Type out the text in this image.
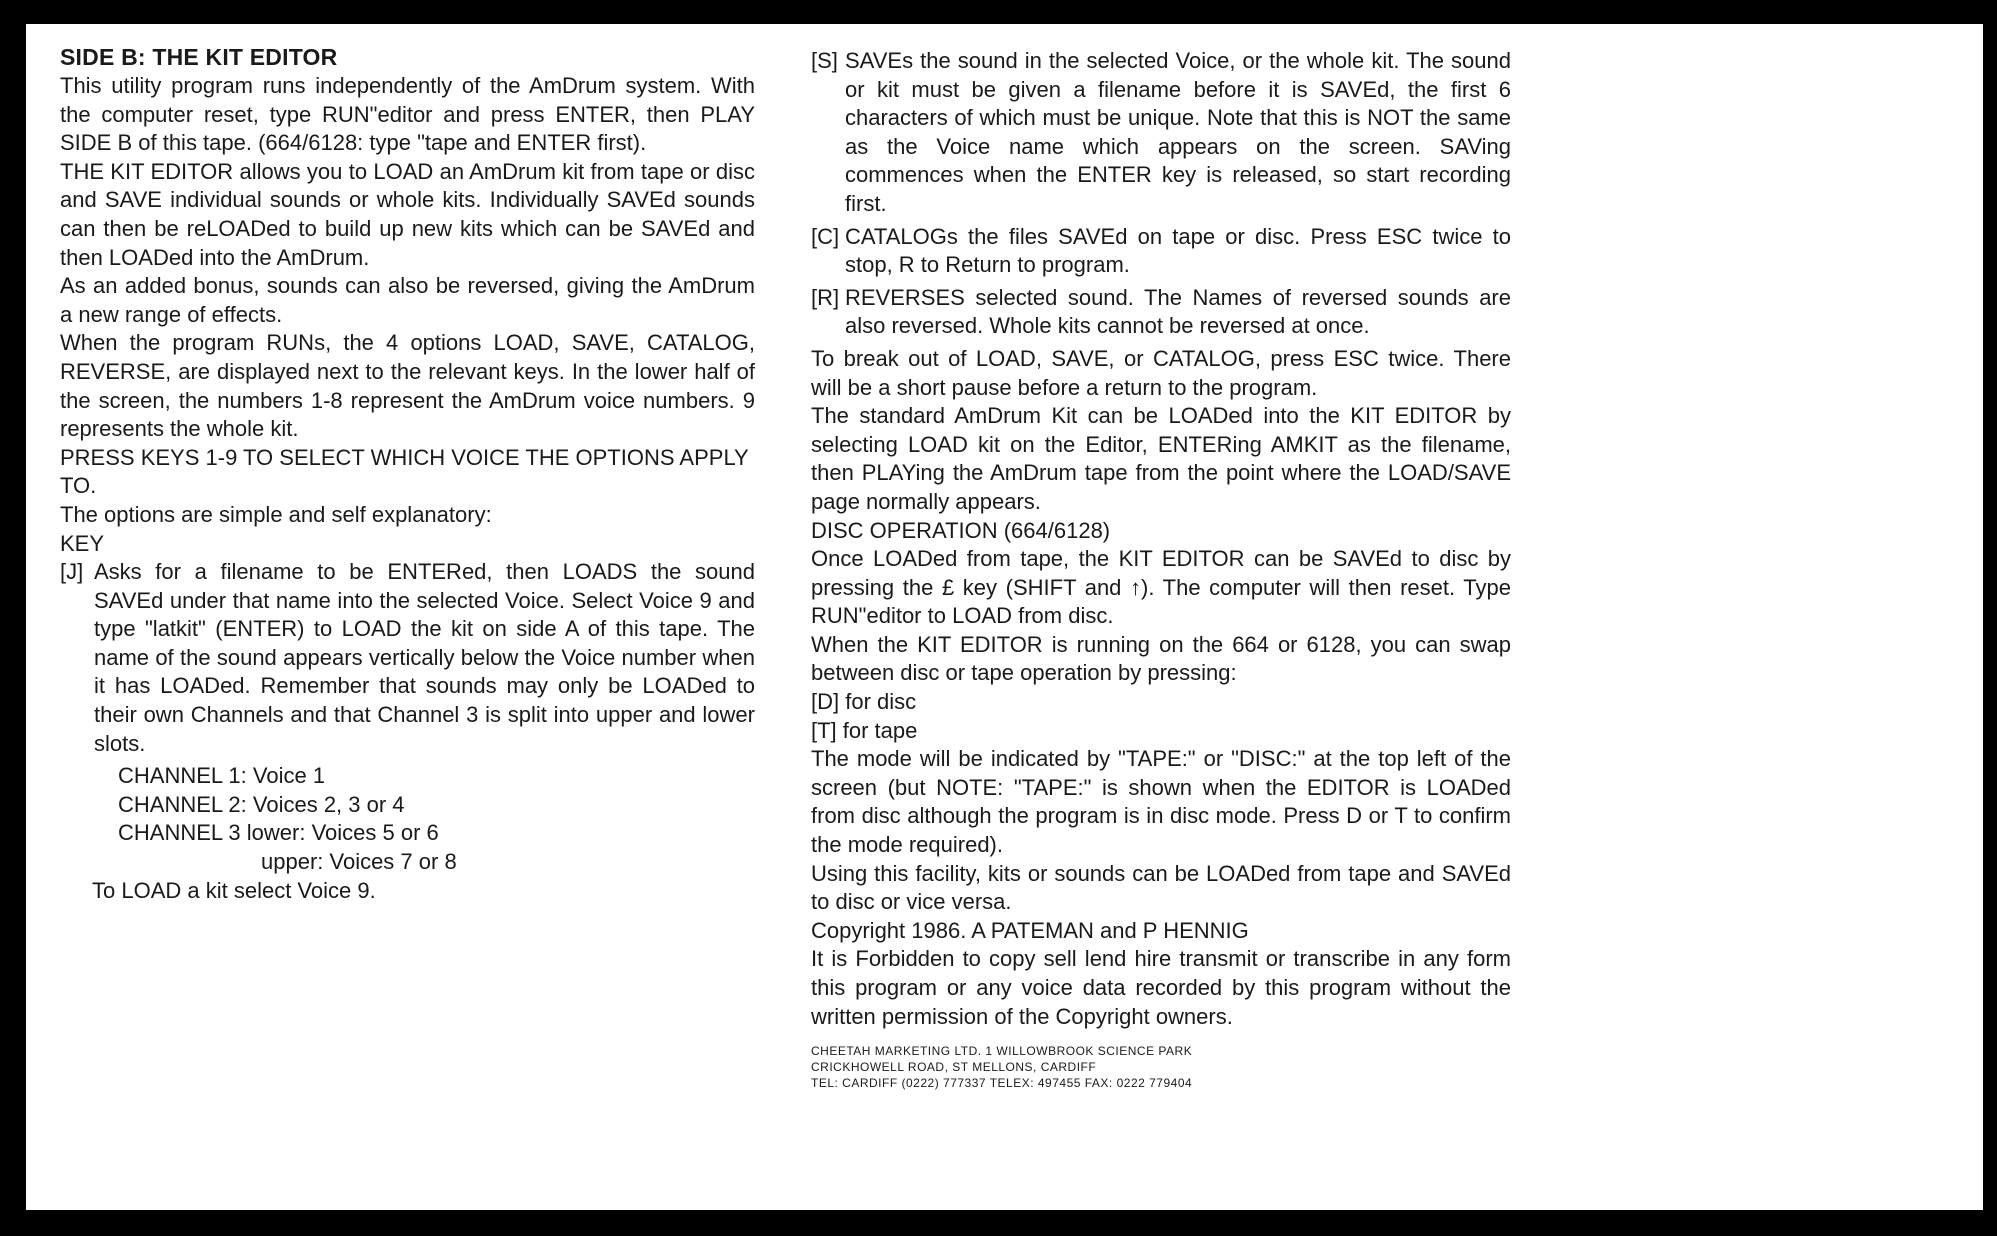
SIDE B: THE KIT EDITOR

This utility program runs independently of the AmDrum system. With the computer reset, type RUN"editor and press ENTER, then PLAY SIDE B of this tape. (664/6128: type "tape and ENTER first).

THE KIT EDITOR allows you to LOAD an AmDrum kit from tape or disc and SAVE individual sounds or whole kits. Individually SAVEd sounds can then be reLOADed to build up new kits which can be SAVEd and then LOADed into the AmDrum.

As an added bonus, sounds can also be reversed, giving the AmDrum a new range of effects.

When the program RUNs, the 4 options LOAD, SAVE, CATALOG, REVERSE, are displayed next to the relevant keys. In the lower half of the screen, the numbers 1-8 represent the AmDrum voice numbers. 9 represents the whole kit.

PRESS KEYS 1-9 TO SELECT WHICH VOICE THE OPTIONS APPLY TO.

The options are simple and self explanatory:

KEY

[J] Asks for a filename to be ENTERed, then LOADS the sound SAVEd under that name into the selected Voice. Select Voice 9 and type "latkit" (ENTER) to LOAD the kit on side A of this tape. The name of the sound appears vertically below the Voice number when it has LOADed. Remember that sounds may only be LOADed to their own Channels and that Channel 3 is split into upper and lower slots.
CHANNEL 1: Voice 1
CHANNEL 2: Voices 2, 3 or 4
CHANNEL 3 lower: Voices 5 or 6
upper: Voices 7 or 8
To LOAD a kit select Voice 9.
[S] SAVEs the sound in the selected Voice, or the whole kit. The sound or kit must be given a filename before it is SAVEd, the first 6 characters of which must be unique. Note that this is NOT the same as the Voice name which appears on the screen. SAVing commences when the ENTER key is released, so start recording first.
[C] CATALOGs the files SAVEd on tape or disc. Press ESC twice to stop, R to Return to program.
[R] REVERSES selected sound. The Names of reversed sounds are also reversed. Whole kits cannot be reversed at once.

To break out of LOAD, SAVE, or CATALOG, press ESC twice. There will be a short pause before a return to the program.

The standard AmDrum Kit can be LOADed into the KIT EDITOR by selecting LOAD kit on the Editor, ENTERing AMKIT as the filename, then PLAYing the AmDrum tape from the point where the LOAD/SAVE page normally appears.

DISC OPERATION (664/6128)

Once LOADed from tape, the KIT EDITOR can be SAVEd to disc by pressing the £ key (SHIFT and ↑). The computer will then reset. Type RUN"editor to LOAD from disc.

When the KIT EDITOR is running on the 664 or 6128, you can swap between disc or tape operation by pressing:

[D] for disc

[T] for tape

The mode will be indicated by "TAPE:" or "DISC:" at the top left of the screen (but NOTE: "TAPE:" is shown when the EDITOR is LOADed from disc although the program is in disc mode. Press D or T to confirm the mode required).

Using this facility, kits or sounds can be LOADed from tape and SAVEd to disc or vice versa.

Copyright 1986. A PATEMAN and P HENNIG

It is Forbidden to copy sell lend hire transmit or transcribe in any form this program or any voice data recorded by this program without the written permission of the Copyright owners.

CHEETAH MARKETING LTD. 1 WILLOWBROOK SCIENCE PARK
CRICKHOWELL ROAD, ST MELLONS, CARDIFF
TEL: CARDIFF (0222) 777337 TELEX: 497455 FAX: 0222 779404
